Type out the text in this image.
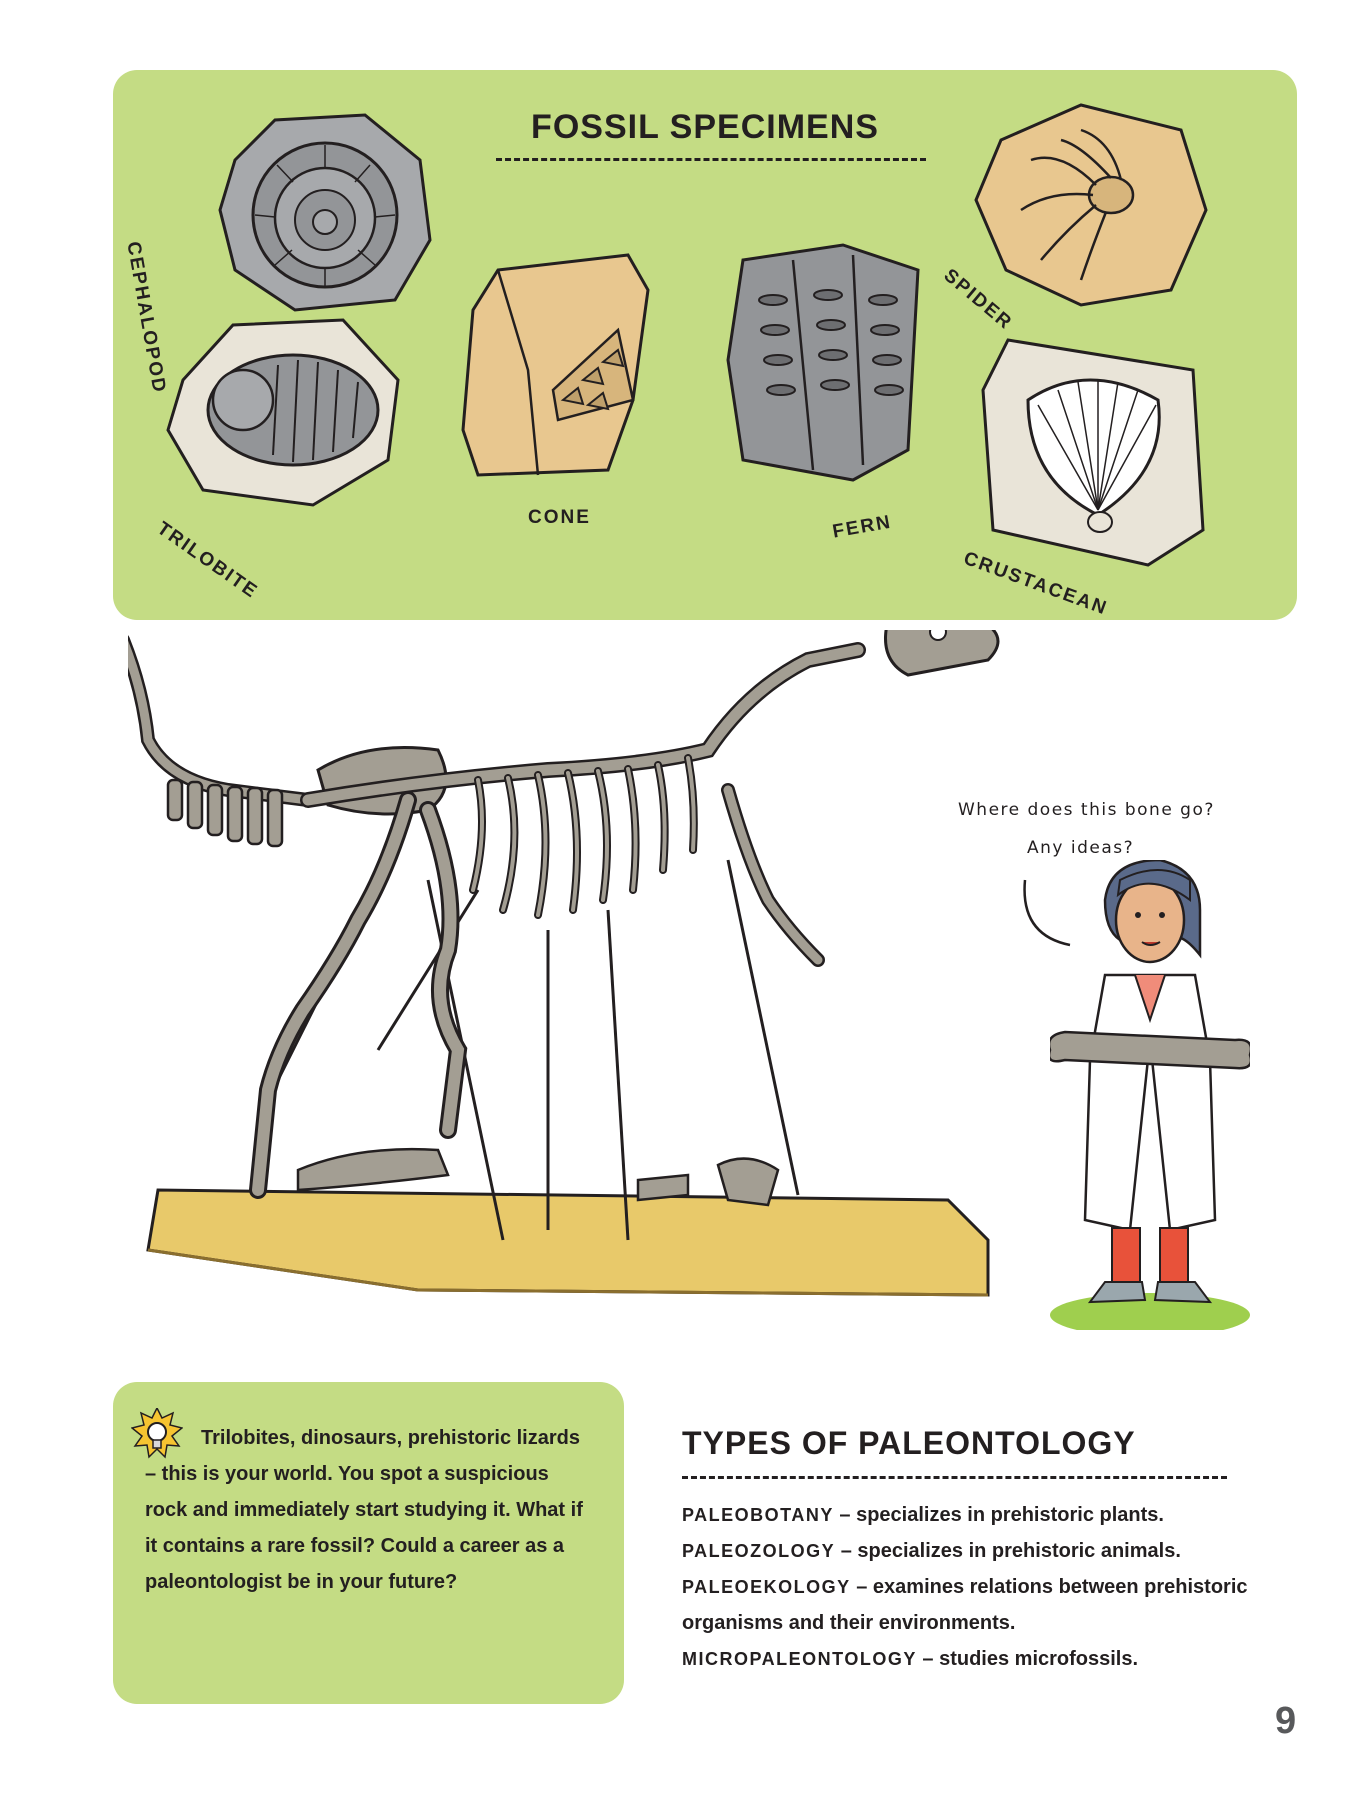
FOSSIL SPECIMENS
CEPHALOPOD
TRILOBITE
CONE	FERN
SPIDER
CRUSTACEAN
Where does this bone go?
Any ideas?
Trilobites, dinosaurs, prehistoric lizards – this is your world. You spot a suspicious rock and immediately start studying it. What if it contains a rare fossil? Could a career as a paleontologist be in your future?
TYPES OF PALEONTOLOGY
PALEOBOTANY – specializes in prehistoric plants.
PALEOZOLOGY – specializes in prehistoric animals.
PALEOEKOLOGY – examines relations between prehistoric organisms and their environments.
MICROPALEONTOLOGY – studies microfossils.
9
